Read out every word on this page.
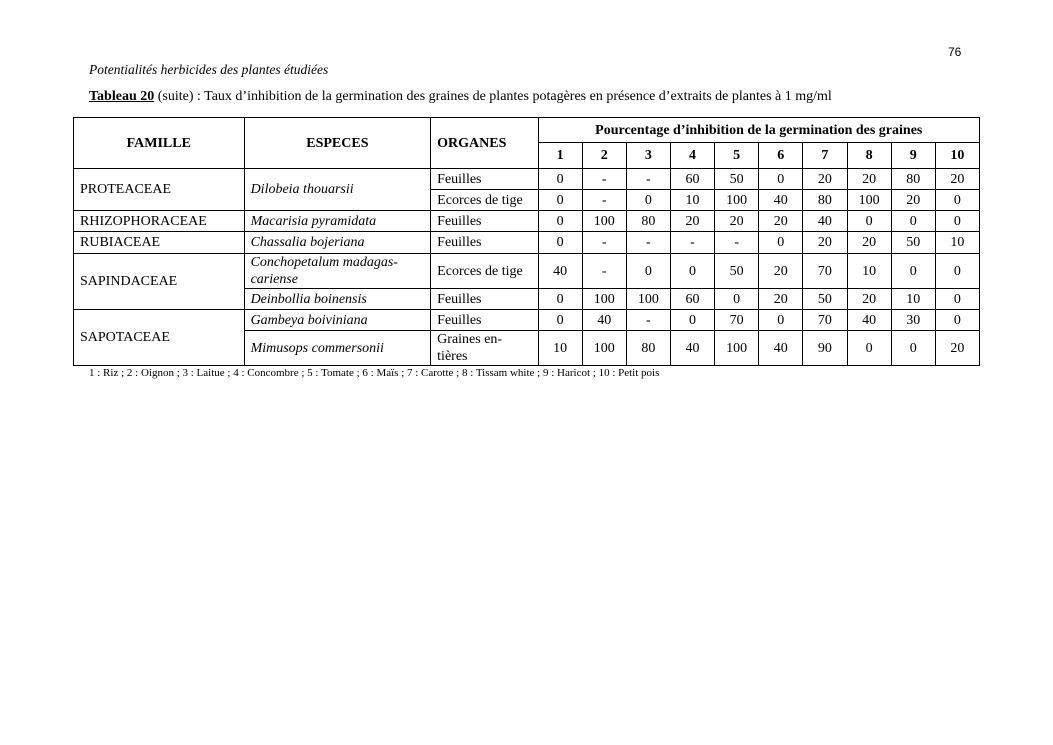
76
Potentialités herbicides des plantes étudiées
Tableau 20 (suite) : Taux d’inhibition de la germination des graines de plantes potagères en présence d’extraits de plantes à 1 mg/ml
FAMILLE	ESPECES	ORGANES	Pourcentage d’inhibition de la germination des graines									
			1	2	3	4	5	6	7	8	9	10
PROTEACEAE	Dilobeia thouarsii	Feuilles	0	-	-	60	50	0	20	20	80	20
		Ecorces de tige	0	-	0	10	100	40	80	100	20	0
RHIZOPHORACEAE	Macarisia pyramidata	Feuilles	0	100	80	20	20	20	40	0	0	0
RUBIACEAE	Chassalia bojeriana	Feuilles	0	-	-	-	-	0	20	20	50	10
SAPINDACEAE	Conchopetalum madagas-cariense	Ecorces de tige	40	-	0	0	50	20	70	10	0	0
	Deinbollia boinensis	Feuilles	0	100	100	60	0	20	50	20	10	0
SAPOTACEAE	Gambeya boiviniana	Feuilles	0	40	-	0	70	0	70	40	30	0
	Mimusops commersonii	Graines en-tières	10	100	80	40	100	40	90	0	0	20
1 : Riz ; 2 : Oignon ; 3 : Laitue ; 4 : Concombre ; 5 : Tomate ; 6 : Maïs ; 7 : Carotte ; 8 : Tissam white ; 9 : Haricot ; 10 : Petit pois
